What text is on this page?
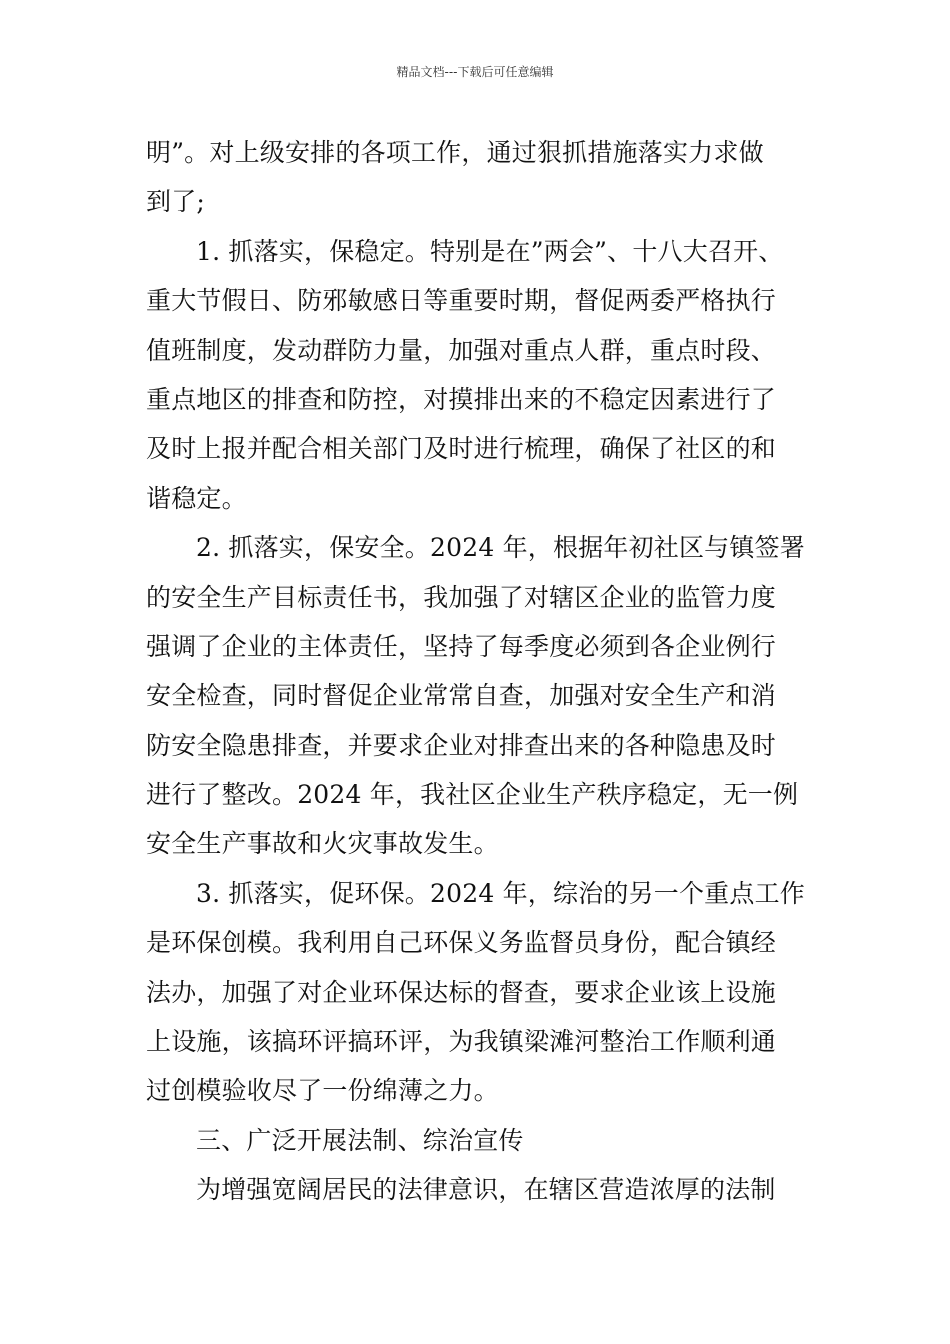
精品文档---下载后可任意编辑
明”。对上级安排的各项工作，通过狠抓措施落实力求做
到了;
1. 抓落实，保稳定。特别是在”两会”、十八大召开、
重大节假日、防邪敏感日等重要时期，督促两委严格执行
值班制度，发动群防力量，加强对重点人群，重点时段、
重点地区的排查和防控，对摸排出来的不稳定因素进行了
及时上报并配合相关部门及时进行梳理，确保了社区的和
谐稳定。
2. 抓落实，保安全。2024 年，根据年初社区与镇签署
的安全生产目标责任书，我加强了对辖区企业的监管力度
强调了企业的主体责任，坚持了每季度必须到各企业例行
安全检查，同时督促企业常常自查，加强对安全生产和消
防安全隐患排查，并要求企业对排查出来的各种隐患及时
进行了整改。2024 年，我社区企业生产秩序稳定，无一例
安全生产事故和火灾事故发生。
3. 抓落实，促环保。2024 年，综治的另一个重点工作
是环保创模。我利用自己环保义务监督员身份，配合镇经
法办，加强了对企业环保达标的督查，要求企业该上设施
上设施，该搞环评搞环评，为我镇梁滩河整治工作顺利通
过创模验收尽了一份绵薄之力。
三、广泛开展法制、综治宣传
为增强宽阔居民的法律意识，在辖区营造浓厚的法制
